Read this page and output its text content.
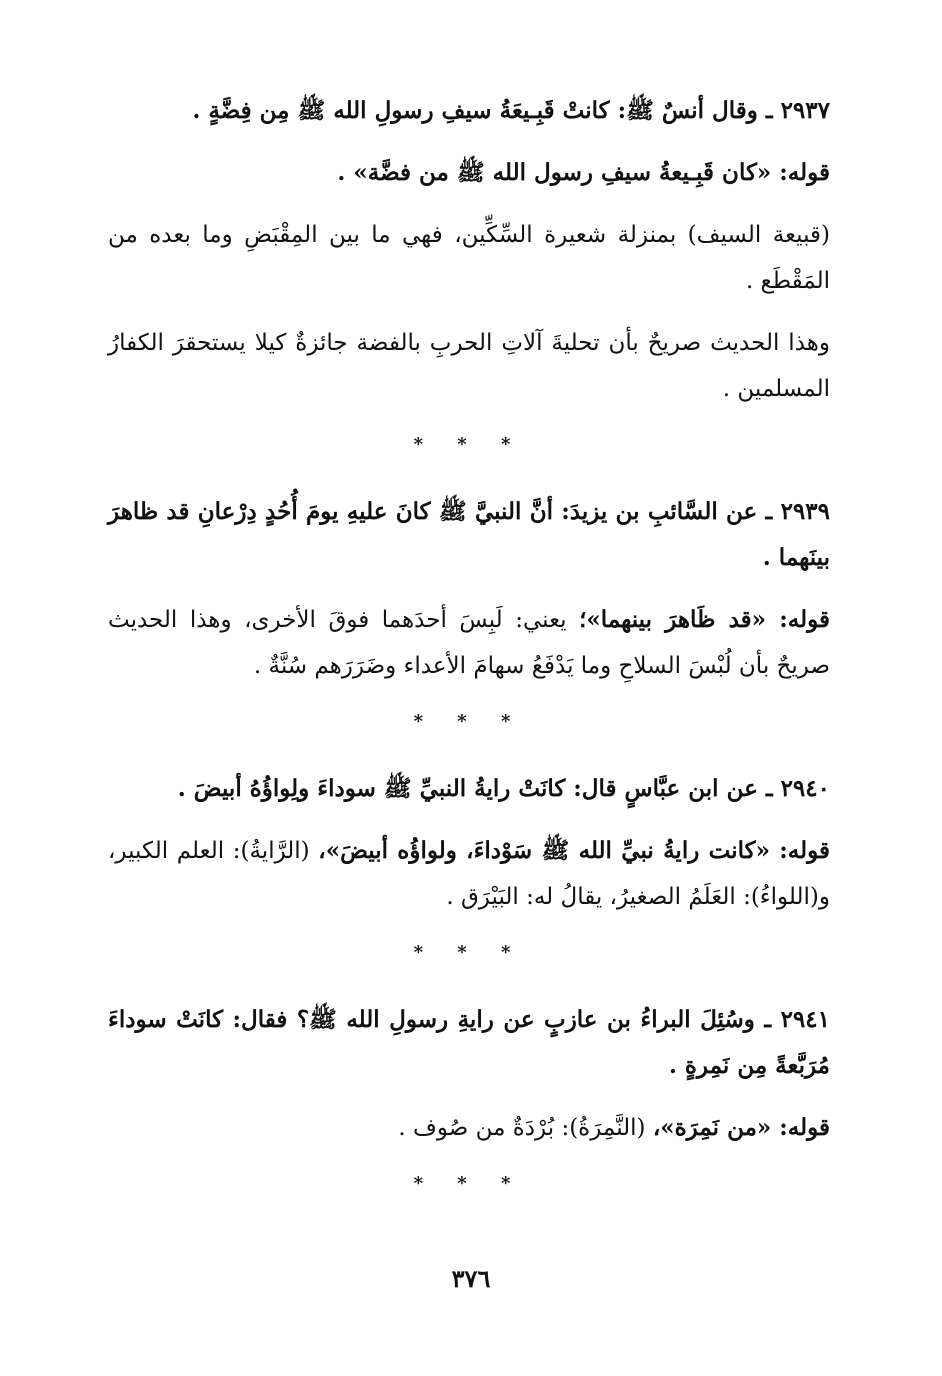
٢٩٣٧ ـ وقال أنسٌ ﷺ: كانتْ قَبِـيعَةُ سيفِ رسولِ الله ﷺ مِن فِضَّةٍ .

قوله: «كان قَبِـيعةُ سيفِ رسول الله ﷺ من فضَّة» .

(قبيعة السيف) بمنزلة شعيرة السِّكِّين، فهي ما بين المِقْبَضِ وما بعده من المَقْطَع .

وهذا الحديث صريحٌ بأن تحليةَ آلاتِ الحربِ بالفضة جائزةٌ كيلا يستحقرَ الكفارُ المسلمين .

* * *

٢٩٣٩ ـ عن السَّائبِ بن يزيدَ: أنَّ النبيَّ ﷺ كانَ عليهِ يومَ أُحُدٍ دِرْعانِ قد ظاهرَ بينَهما .

قوله: «قد ظَاهرَ بينهما»؛ يعني: لَبِسَ أحدَهما فوقَ الأخرى، وهذا الحديث صريحٌ بأن لُبْسَ السلاحِ وما يَدْفَعُ سهامَ الأعداء وضَرَرَهم سُنَّةٌ .

* * *

٢٩٤٠ ـ عن ابن عبَّاسٍ قال: كانَتْ رايةُ النبيِّ ﷺ سوداءَ ولِواؤُهُ أبيضَ .

قوله: «كانت رايةُ نبيِّ الله ﷺ سَوْداءَ، ولواؤُه أبيضَ»، (الرَّايةُ): العلم الكبير، و(اللواءُ): العَلَمُ الصغيرُ، يقالُ له: البَيْرَق .

* * *

٢٩٤١ ـ وسُئِلَ البراءُ بن عازبٍ عن رايةِ رسولِ الله ﷺ؟ فقال: كانَتْ سوداءَ مُرَبَّعةً مِن نَمِرةٍ .

قوله: «من نَمِرَة»، (النَّمِرَةُ): بُرْدَةٌ من صُوف .

* * *
٣٧٦
